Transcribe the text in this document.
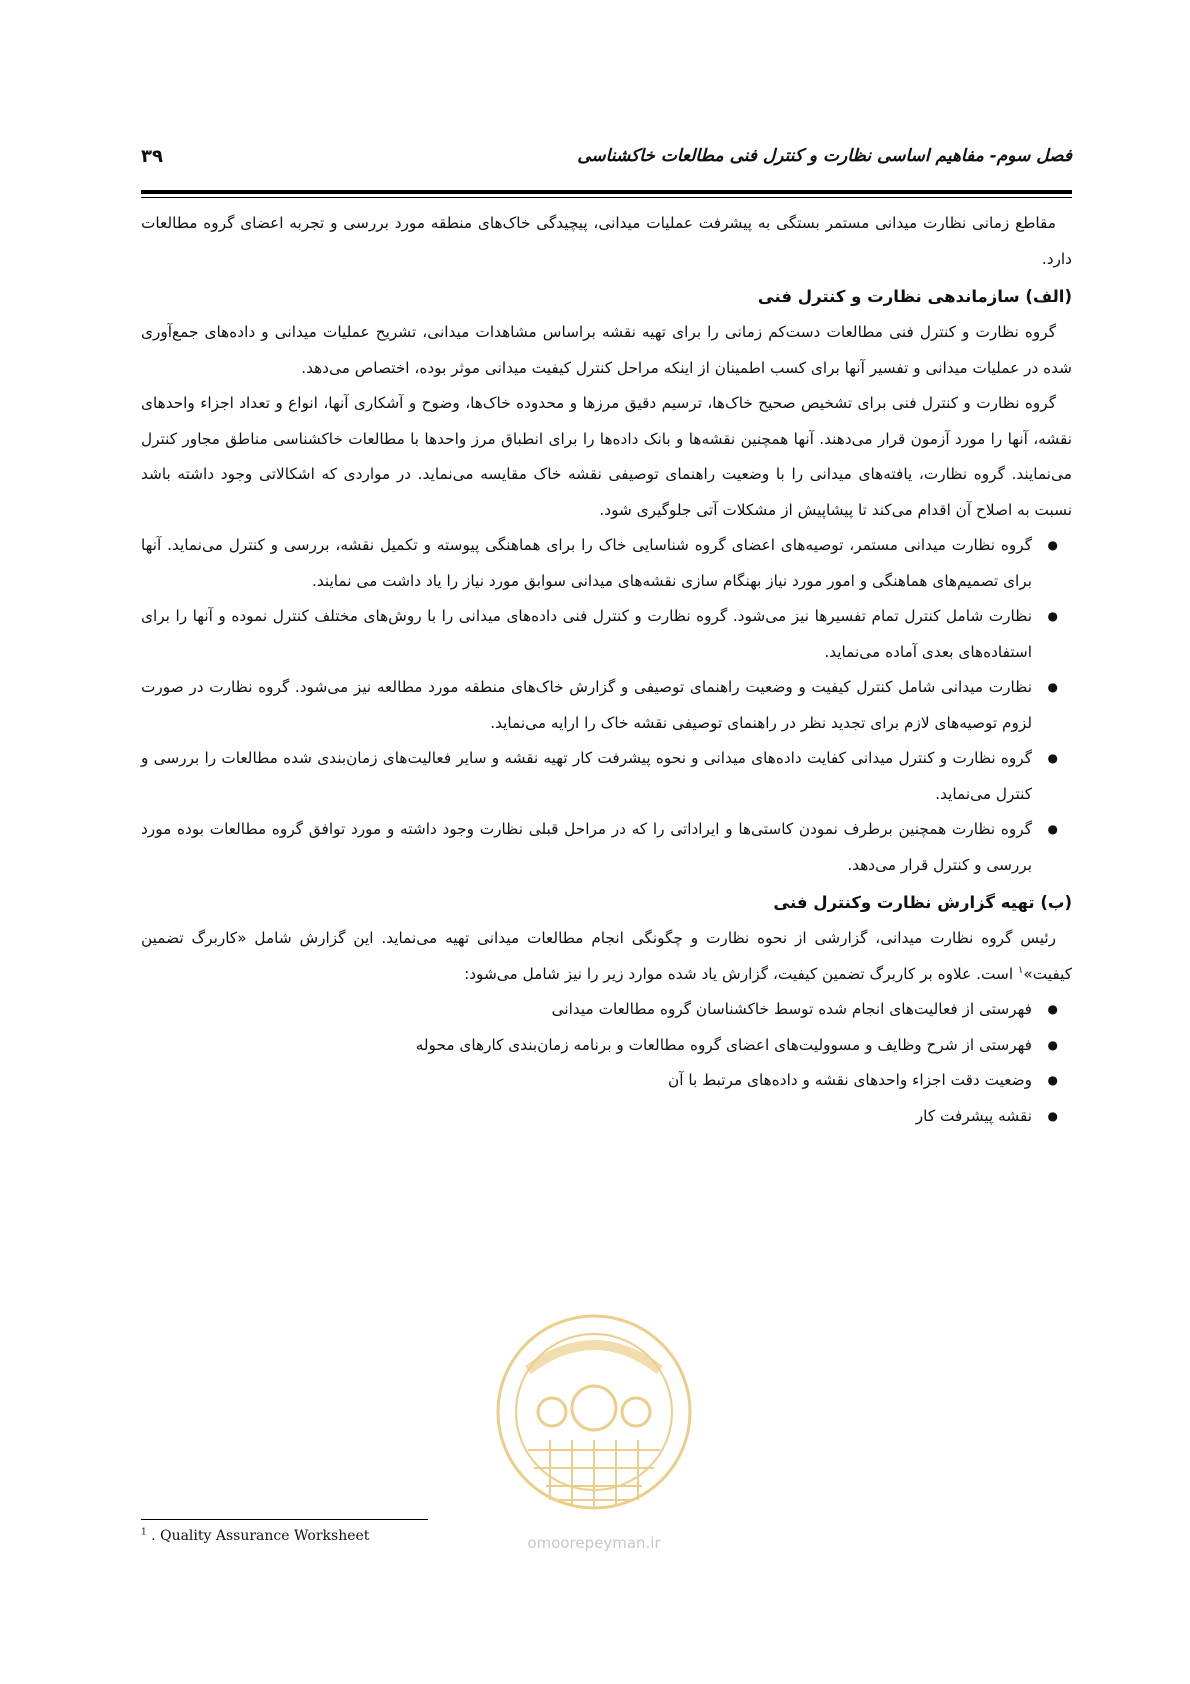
فصل سوم- مفاهیم اساسی نظارت و کنترل فنی مطالعات خاکشناسی
۳۹

مقاطع زمانی نظارت میدانی مستمر بستگی به پیشرفت عملیات میدانی، پیچیدگی خاک‌های منطقه مورد بررسی و تجربه اعضای گروه مطالعات دارد.

(الف) سازماندهی نظارت و کنترل فنی

گروه نظارت و کنترل فنی مطالعات دست‌کم زمانی را برای تهیه نقشه براساس مشاهدات میدانی، تشریح عملیات میدانی و داده‌های جمع‌آوری شده در عملیات میدانی و تفسیر آنها برای کسب اطمینان از اینکه مراحل کنترل کیفیت میدانی موثر بوده، اختصاص می‌دهد.

گروه نظارت و کنترل فنی برای تشخیص صحیح خاک‌ها، ترسیم دقیق مرزها و محدوده خاک‌ها، وضوح و آشکاری آنها، انواع و تعداد اجزاء واحدهای نقشه، آنها را مورد آزمون قرار می‌دهند. آنها همچنین نقشه‌ها و بانک داده‌ها را برای انطباق مرز واحدها با مطالعات خاکشناسی مناطق مجاور کنترل می‌نمایند. گروه نظارت، یافته‌های میدانی را با وضعیت راهنمای توصیفی نقشه خاک مقایسه می‌نماید. در مواردی که اشکالاتی وجود داشته باشد نسبت به اصلاح آن اقدام می‌کند تا پیشاپیش از مشکلات آتی جلوگیری شود.

● گروه نظارت میدانی مستمر، توصیه‌های اعضای گروه شناسایی خاک را برای هماهنگی پیوسته و تکمیل نقشه، بررسی و کنترل می‌نماید. آنها برای تصمیم‌های هماهنگی و امور مورد نیاز بهنگام سازی نقشه‌های میدانی سوابق مورد نیاز را یاد داشت می نمایند.
● نظارت شامل کنترل تمام تفسیرها نیز می‌شود. گروه نظارت و کنترل فنی داده‌های میدانی را با روش‌های مختلف کنترل نموده و آنها را برای استفاده‌های بعدی آماده می‌نماید.
● نظارت میدانی شامل کنترل کیفیت و وضعیت راهنمای توصیفی و گزارش خاک‌های منطقه مورد مطالعه نیز می‌شود. گروه نظارت در صورت لزوم توصیه‌های لازم برای تجدید نظر در راهنمای توصیفی نقشه خاک را ارایه می‌نماید.
● گروه نظارت و کنترل میدانی کفایت داده‌های میدانی و نحوه پیشرفت کار تهیه نقشه و سایر فعالیت‌های زمان‌بندی شده مطالعات را بررسی و کنترل می‌نماید.
● گروه نظارت همچنین برطرف نمودن کاستی‌ها و ایراداتی را که در مراحل قبلی نظارت وجود داشته و مورد توافق گروه مطالعات بوده مورد بررسی و کنترل قرار می‌دهد.
(ب) تهیه گزارش نظارت وکنترل فنی

رئیس گروه نظارت میدانی، گزارشی از نحوه نظارت و چگونگی انجام مطالعات میدانی تهیه می‌نماید. این گزارش شامل «کاربرگ تضمین کیفیت»$^۱$ است. علاوه بر کاربرگ تضمین کیفیت، گزارش یاد شده موارد زیر را نیز شامل می‌شود:

● فهرستی از فعالیت‌های انجام شده توسط خاکشناسان گروه مطالعات میدانی
● فهرستی از شرح وظایف و مسوولیت‌های اعضای گروه مطالعات و برنامه زمان‌بندی کارهای محوله
● وضعیت دقت اجزاء واحدهای نقشه و داده‌های مرتبط با آن
● نقشه پیشرفت کار
$^1$ . Quality Assurance Worksheet	omoorepeyman.ir
